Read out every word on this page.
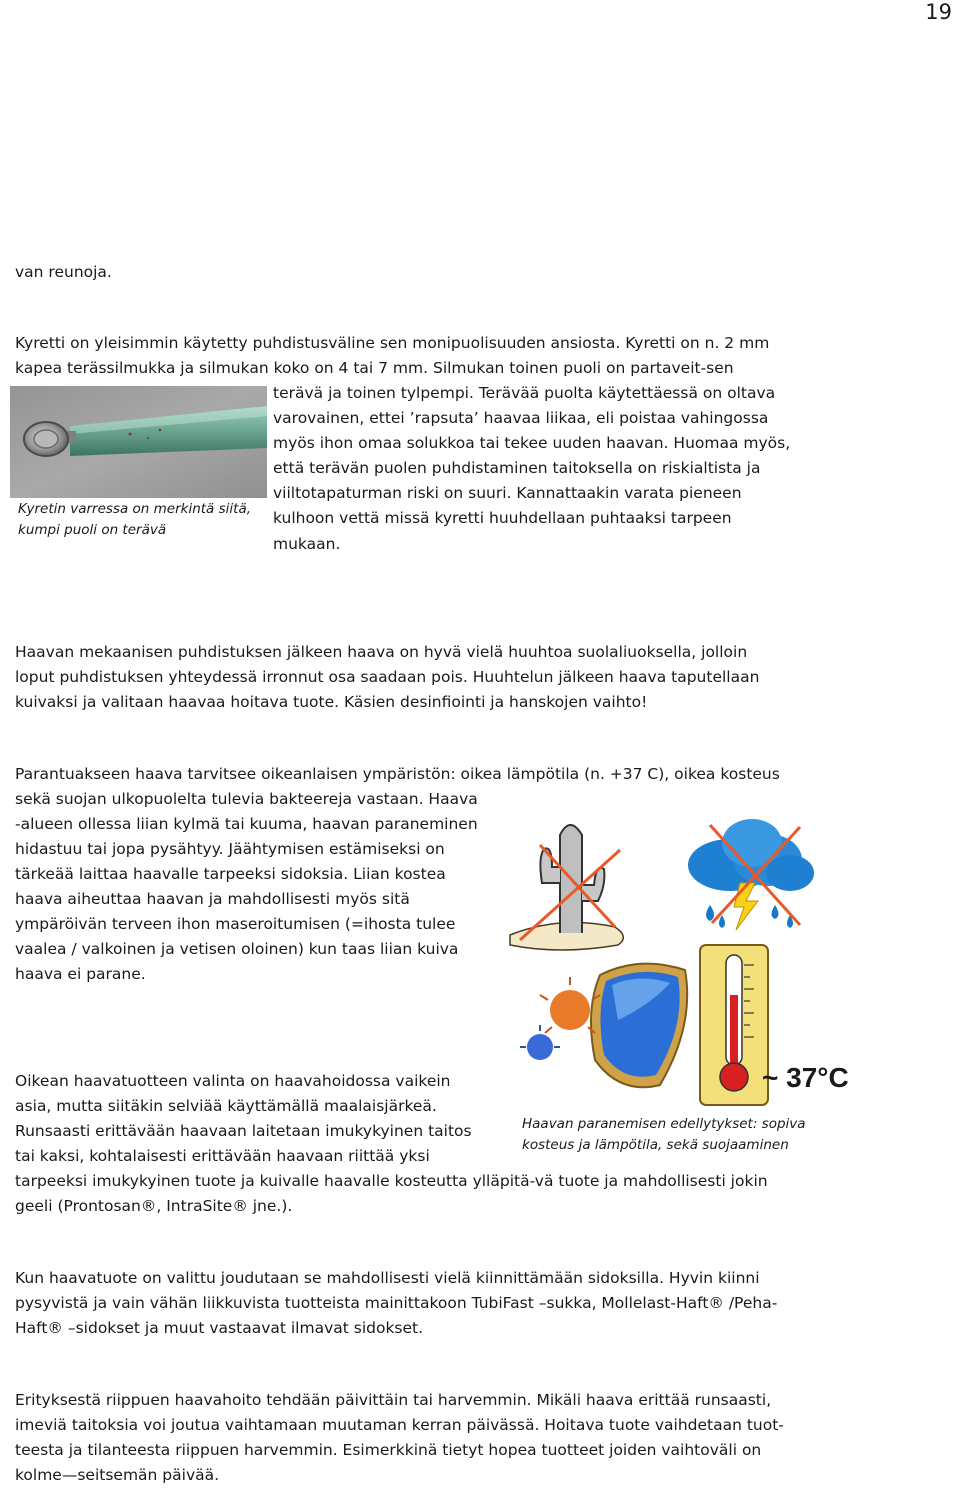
19

van reunoja.

Kyretti on yleisimmin käytetty puhdistusväline sen monipuolisuuden ansiosta. Kyretti on n. 2 mm

kapea terässilmukka ja silmukan koko on 4 tai 7 mm. Silmukan toinen puoli on partaveit-sen

terävä ja toinen tylpempi. Terävää puolta käytettäessä on oltava

varovainen, ettei ’rapsuta’ haavaa liikaa, eli poistaa vahingossa

myös ihon omaa solukkoa tai tekee uuden haavan. Huomaa myös,

että terävän puolen puhdistaminen taitoksella on riskialtista ja

viiltotapaturman riski on suuri. Kannattaakin varata pieneen

kulhoon vettä missä kyretti huuhdellaan puhtaaksi tarpeen

mukaan.

Kyretin varressa on merkintä siitä,
kumpi puoli on terävä

Haavan mekaanisen puhdistuksen jälkeen haava on hyvä vielä huuhtoa suolaliuoksella, jolloin

loput puhdistuksen yhteydessä irronnut osa saadaan pois. Huuhtelun jälkeen haava taputellaan

kuivaksi ja valitaan haavaa hoitava tuote. Käsien desinfiointi ja hanskojen vaihto!

Parantuakseen haava tarvitsee oikeanlaisen ympäristön: oikea lämpötila (n. +37 C), oikea kosteus

sekä suojan ulkopuolelta tulevia bakteereja vastaan. Haava

-alueen ollessa liian kylmä tai kuuma, haavan paraneminen

hidastuu tai jopa pysähtyy. Jäähtymisen estämiseksi on

tärkeää laittaa haavalle tarpeeksi sidoksia. Liian kostea

haava aiheuttaa haavan ja mahdollisesti myös sitä

ympäröivän terveen ihon maseroitumisen (=ihosta tulee

vaalea / valkoinen ja vetisen oloinen) kun taas liian kuiva

haava ei parane.

~ 37°C
Haavan paranemisen edellytykset: sopiva
kosteus ja lämpötila, sekä suojaaminen

Oikean haavatuotteen valinta on haavahoidossa vaikein

asia, mutta siitäkin selviää käyttämällä maalaisjärkeä.

Runsaasti erittävään haavaan laitetaan imukykyinen taitos

tai kaksi, kohtalaisesti erittävään haavaan riittää yksi

tarpeeksi imukykyinen tuote ja kuivalle haavalle kosteutta ylläpitä-vä tuote ja mahdollisesti jokin

geeli (Prontosan®, IntraSite® jne.).

Kun haavatuote on valittu joudutaan se mahdollisesti vielä kiinnittämään sidoksilla. Hyvin kiinni

pysyvistä ja vain vähän liikkuvista tuotteista mainittakoon TubiFast –sukka, Mollelast-Haft® /Peha-

Haft® –sidokset ja muut vastaavat ilmavat sidokset.

Erityksestä riippuen haavahoito tehdään päivittäin tai harvemmin. Mikäli haava erittää runsaasti,

imeviä taitoksia voi joutua vaihtamaan muutaman kerran päivässä. Hoitava tuote vaihdetaan tuot-

teesta ja tilanteesta riippuen harvemmin. Esimerkkinä tietyt hopea tuotteet joiden vaihtoväli on

kolme—seitsemän päivää.
